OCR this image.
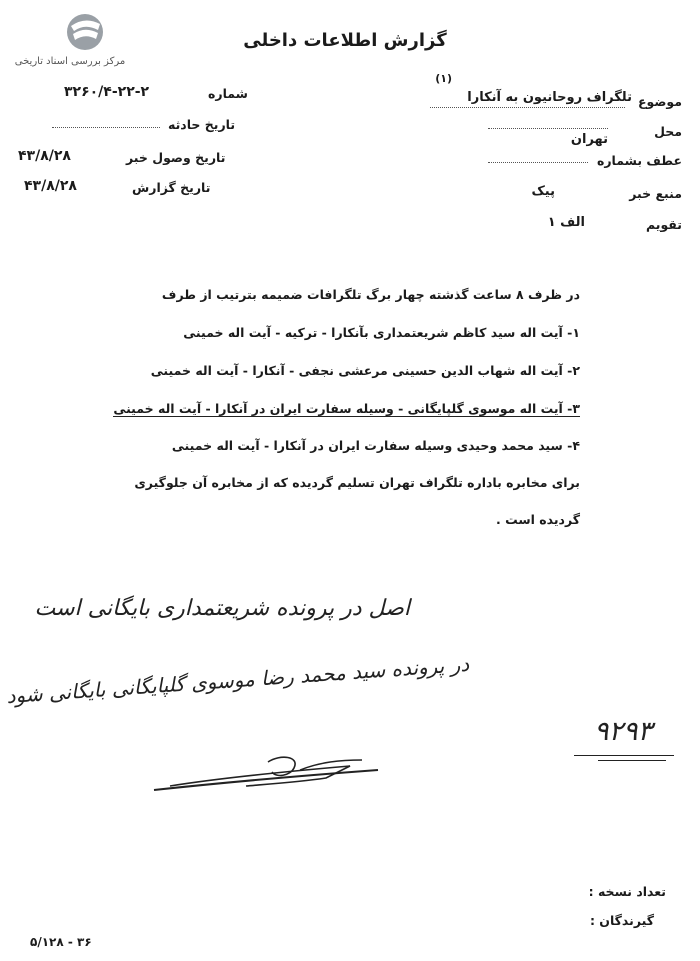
مرکز بررسی اسناد تاریخی
گزارش اطلاعات داخلی
موضوع
تلگراف روحانیون به آنکارا
(۱)
محل
تهران
عطف بشماره
منبع خبر
پیک
تقویم
الف ۱
شماره
۳۲۶۰/۴-۲۲-۲
تاریخ حادثه
تاریخ وصول خبر
۴۳/۸/۲۸
تاریخ گزارش
۴۳/۸/۲۸
در ظرف ۸ ساعت گذشته چهار برگ تلگرافات ضمیمه بترتیب از طرف
۱- آیت اله سید کاظم شریعتمداری بآنکارا - ترکیه - آیت اله خمینی
۲- آیت اله شهاب الدین حسینی مرعشی نجفی - آنکارا - آیت اله خمینی
۳- آیت اله موسوی گلپایگانی - وسیله سفارت ایران در آنکارا - آیت اله خمینی
۴- سید محمد وحیدی وسیله سفارت ایران در آنکارا - آیت اله خمینی
برای مخابره باداره تلگراف تهران تسلیم گردیده که از مخابره آن جلوگیری
گردیده است .
اصل در پرونده شریعتمداری بایگانی است
در پرونده سید محمد رضا موسوی گلپایگانی بایگانی شود
۹۲۹۳
تعداد نسخه :
گیرندگان :
۵/۱۲۸ - ۳۶
